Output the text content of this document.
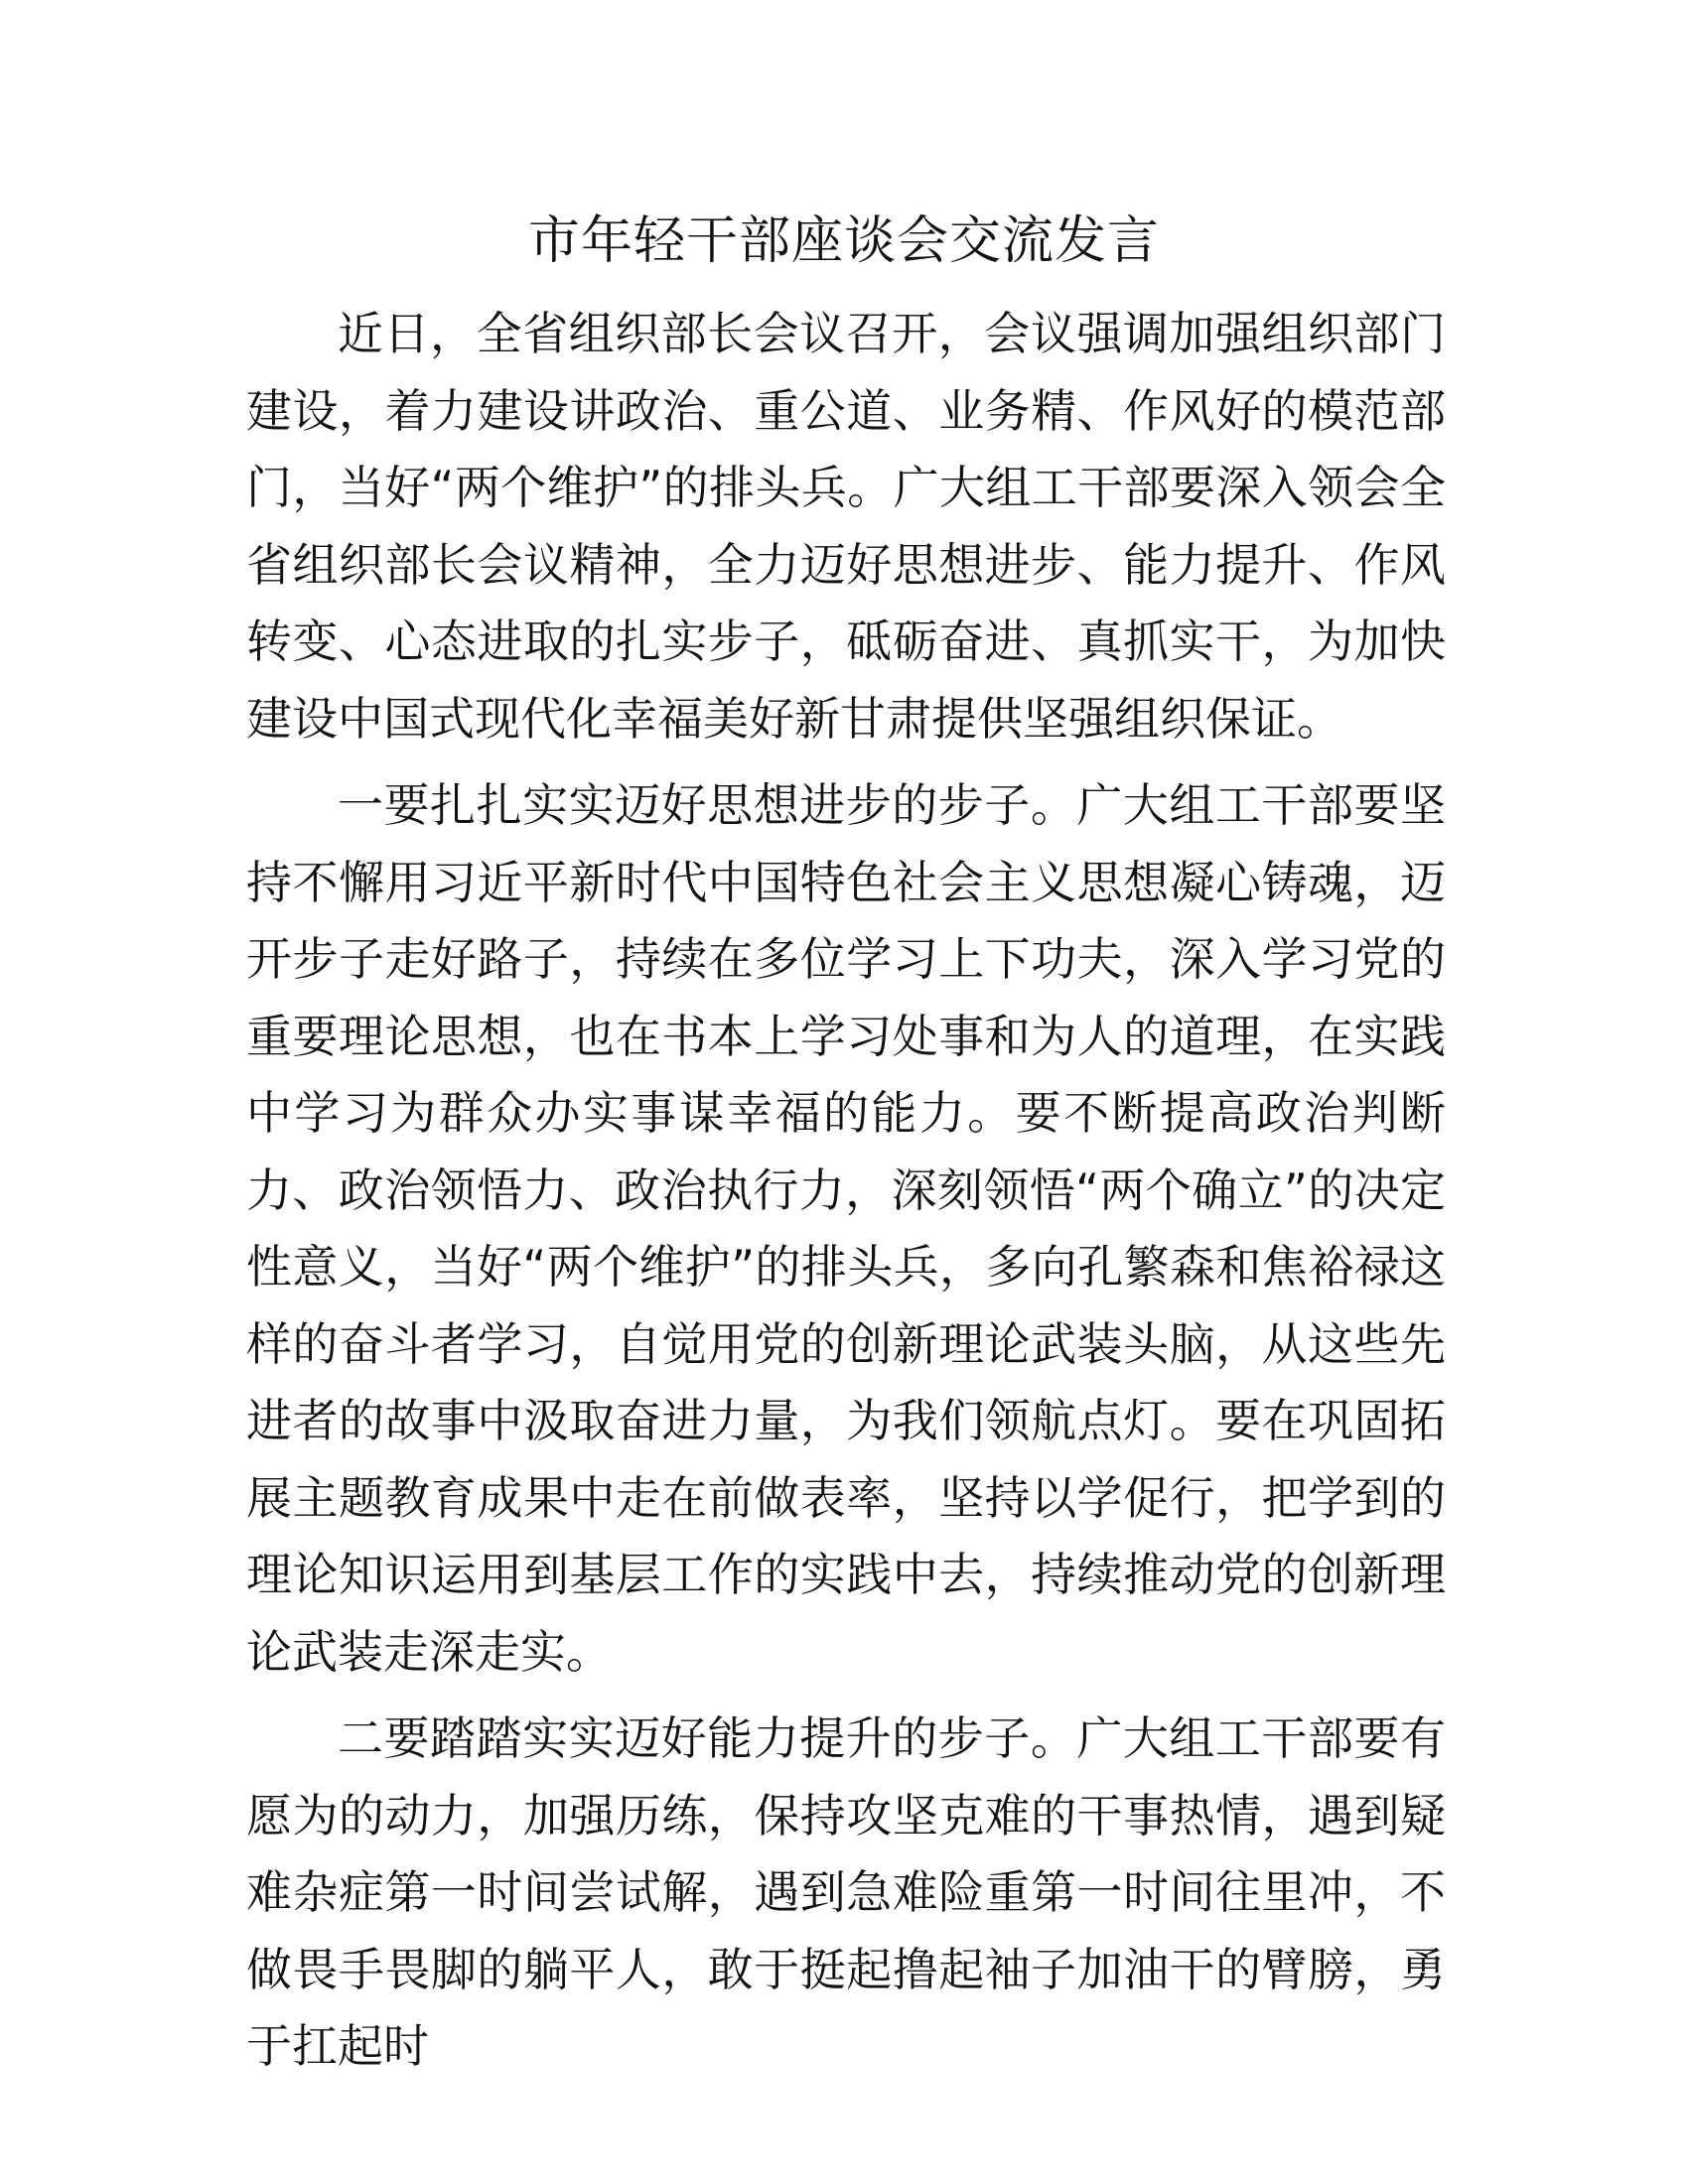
市年轻干部座谈会交流发言

近日，全省组织部长会议召开，会议强调加强组织部门建设，着力建设讲政治、重公道、业务精、作风好的模范部门，当好“两个维护”的排头兵。广大组工干部要深入领会全省组织部长会议精神，全力迈好思想进步、能力提升、作风转变、心态进取的扎实步子，砥砺奋进、真抓实干，为加快建设中国式现代化幸福美好新甘肃提供坚强组织保证。

一要扎扎实实迈好思想进步的步子。广大组工干部要坚持不懈用习近平新时代中国特色社会主义思想凝心铸魂，迈开步子走好路子，持续在多位学习上下功夫，深入学习党的重要理论思想，也在书本上学习处事和为人的道理，在实践中学习为群众办实事谋幸福的能力。要不断提高政治判断力、政治领悟力、政治执行力，深刻领悟“两个确立”的决定性意义，当好“两个维护”的排头兵，多向孔繁森和焦裕禄这样的奋斗者学习，自觉用党的创新理论武装头脑，从这些先进者的故事中汲取奋进力量，为我们领航点灯。要在巩固拓展主题教育成果中走在前做表率，坚持以学促行，把学到的理论知识运用到基层工作的实践中去，持续推动党的创新理论武装走深走实。

二要踏踏实实迈好能力提升的步子。广大组工干部要有愿为的动力，加强历练，保持攻坚克难的干事热情，遇到疑难杂症第一时间尝试解，遇到急难险重第一时间往里冲，不做畏手畏脚的躺平人，敢于挺起撸起袖子加油干的臂膀，勇于扛起时
